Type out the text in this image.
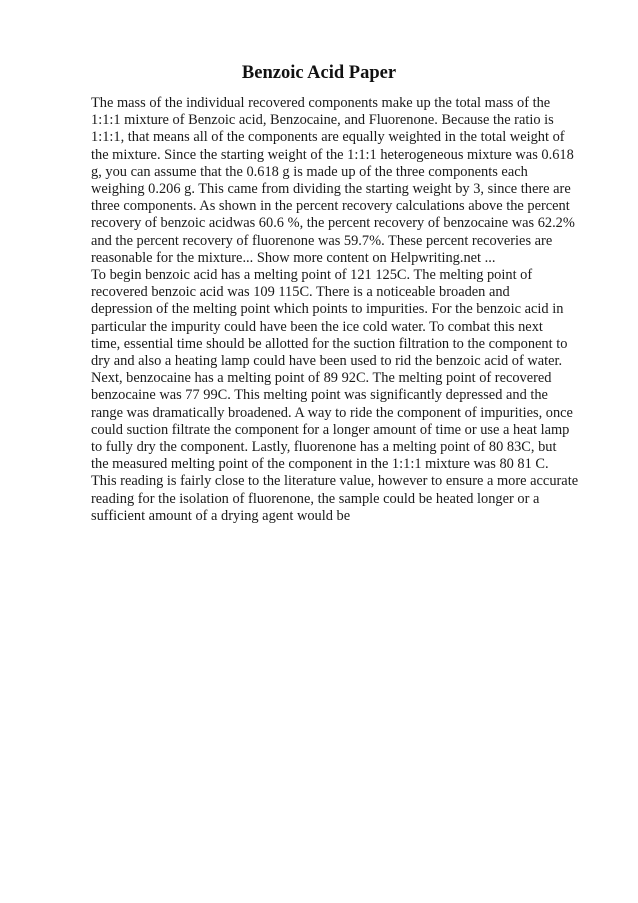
Benzoic Acid Paper
The mass of the individual recovered components make up the total mass of the
1:1:1 mixture of Benzoic acid, Benzocaine, and Fluorenone. Because the ratio is
1:1:1, that means all of the components are equally weighted in the total weight of
the mixture. Since the starting weight of the 1:1:1 heterogeneous mixture was 0.618
g, you can assume that the 0.618 g is made up of the three components each
weighing 0.206 g. This came from dividing the starting weight by 3, since there are
three components. As shown in the percent recovery calculations above the percent
recovery of benzoic acidwas 60.6 %, the percent recovery of benzocaine was 62.2%
and the percent recovery of fluorenone was 59.7%. These percent recoveries are
reasonable for the mixture... Show more content on Helpwriting.net ...
To begin benzoic acid has a melting point of 121 125C. The melting point of
recovered benzoic acid was 109 115C. There is a noticeable broaden and
depression of the melting point which points to impurities. For the benzoic acid in
particular the impurity could have been the ice cold water. To combat this next
time, essential time should be allotted for the suction filtration to the component to
dry and also a heating lamp could have been used to rid the benzoic acid of water.
Next, benzocaine has a melting point of 89 92C. The melting point of recovered
benzocaine was 77 99C. This melting point was significantly depressed and the
range was dramatically broadened. A way to ride the component of impurities, once
could suction filtrate the component for a longer amount of time or use a heat lamp
to fully dry the component. Lastly, fluorenone has a melting point of 80 83C, but
the measured melting point of the component in the 1:1:1 mixture was 80 81 C.
This reading is fairly close to the literature value, however to ensure a more accurate
reading for the isolation of fluorenone, the sample could be heated longer or a
sufficient amount of a drying agent would be
